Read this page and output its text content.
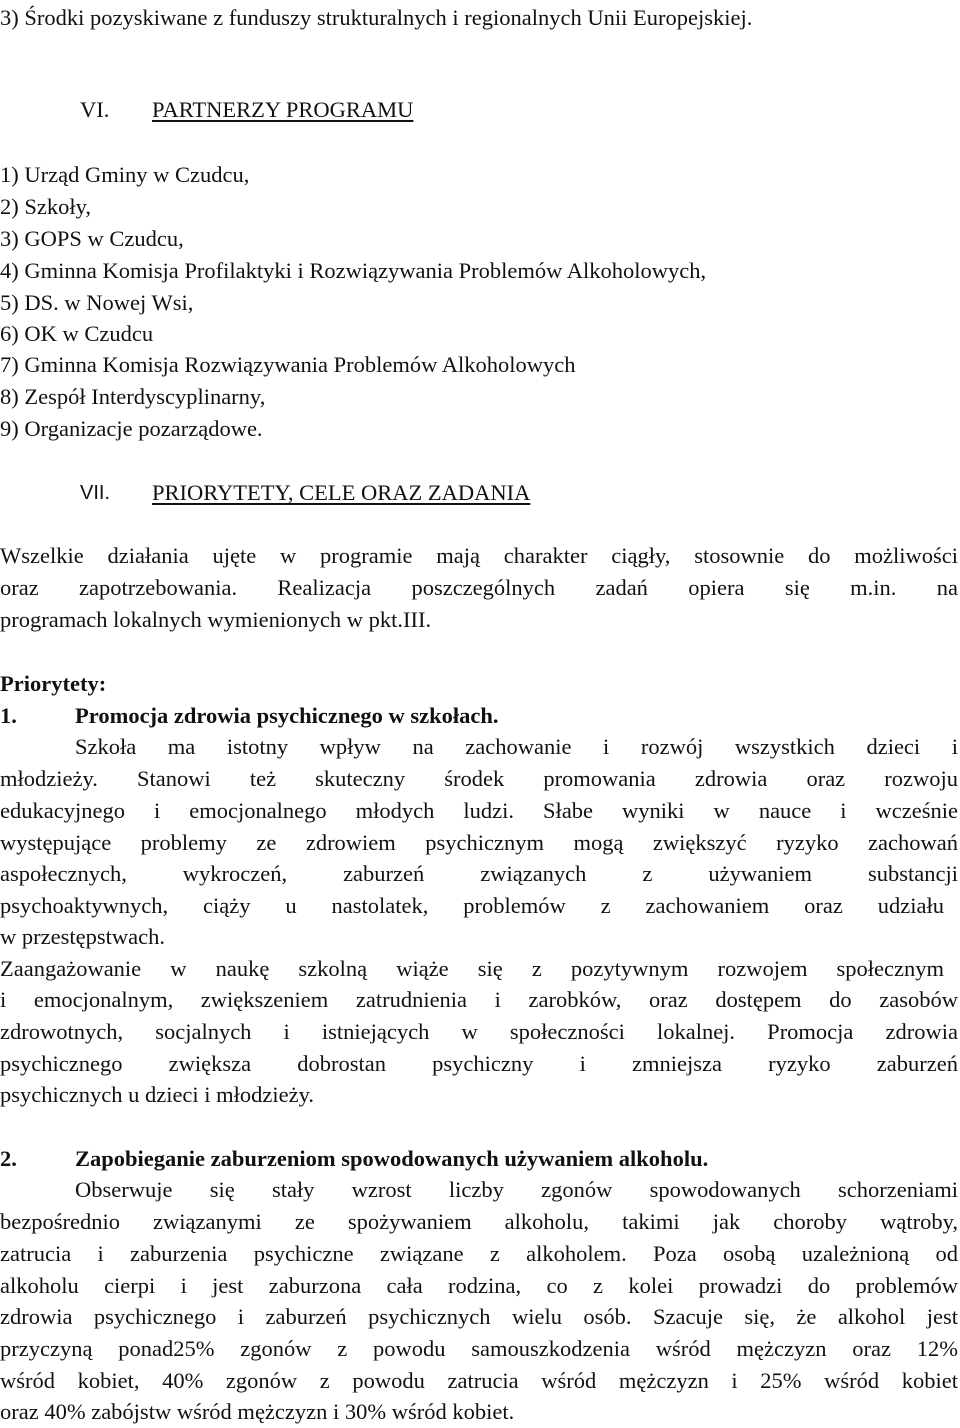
3) Środki pozyskiwane z funduszy strukturalnych i regionalnych Unii Europejskiej.
VI. PARTNERZY PROGRAMU
1) Urząd Gminy w Czudcu,
2) Szkoły,
3) GOPS w Czudcu,
4) Gminna Komisja Profilaktyki i Rozwiązywania Problemów Alkoholowych,
5) DS. w Nowej Wsi,
6) OK w Czudcu
7) Gminna Komisja Rozwiązywania Problemów Alkoholowych
8) Zespół Interdyscyplinarny,
9) Organizacje pozarządowe.
VII. PRIORYTETY, CELE ORAZ ZADANIA
Wszelkie działania ujęte w programie mają charakter ciągły, stosownie do możliwości
oraz zapotrzebowania. Realizacja poszczególnych zadań opiera się m.in. na
programach lokalnych wymienionych w pkt.III.
Priorytety:
1.	Promocja zdrowia psychicznego w szkołach.
Szkoła ma istotny wpływ na zachowanie i rozwój wszystkich dzieci i
młodzieży. Stanowi też skuteczny środek promowania zdrowia oraz rozwoju
edukacyjnego i emocjonalnego młodych ludzi. Słabe wyniki w nauce i wcześnie
występujące problemy ze zdrowiem psychicznym mogą zwiększyć ryzyko zachowań
aspołecznych, wykroczeń, zaburzeń związanych z używaniem substancji
psychoaktywnych, ciąży u nastolatek, problemów z zachowaniem oraz udziału
w przestępstwach.
Zaangażowanie w naukę szkolną wiąże się z pozytywnym rozwojem społecznym
i emocjonalnym, zwiększeniem zatrudnienia i zarobków, oraz dostępem do zasobów
zdrowotnych, socjalnych i istniejących w społeczności lokalnej. Promocja zdrowia
psychicznego zwiększa dobrostan psychiczny i zmniejsza ryzyko zaburzeń
psychicznych u dzieci i młodzieży.
2.	Zapobieganie zaburzeniom spowodowanych używaniem alkoholu.
Obserwuje się stały wzrost liczby zgonów spowodowanych schorzeniami
bezpośrednio związanymi ze spożywaniem alkoholu, takimi jak choroby wątroby,
zatrucia i zaburzenia psychiczne związane z alkoholem. Poza osobą uzależnioną od
alkoholu cierpi i jest zaburzona cała rodzina, co z kolei prowadzi do problemów
zdrowia psychicznego i zaburzeń psychicznych wielu osób. Szacuje się, że alkohol jest
przyczyną ponad25% zgonów z powodu samouszkodzenia wśród mężczyzn oraz 12%
wśród kobiet, 40% zgonów z powodu zatrucia wśród mężczyzn i 25% wśród kobiet
oraz 40% zabójstw wśród mężczyzn i 30% wśród kobiet.
